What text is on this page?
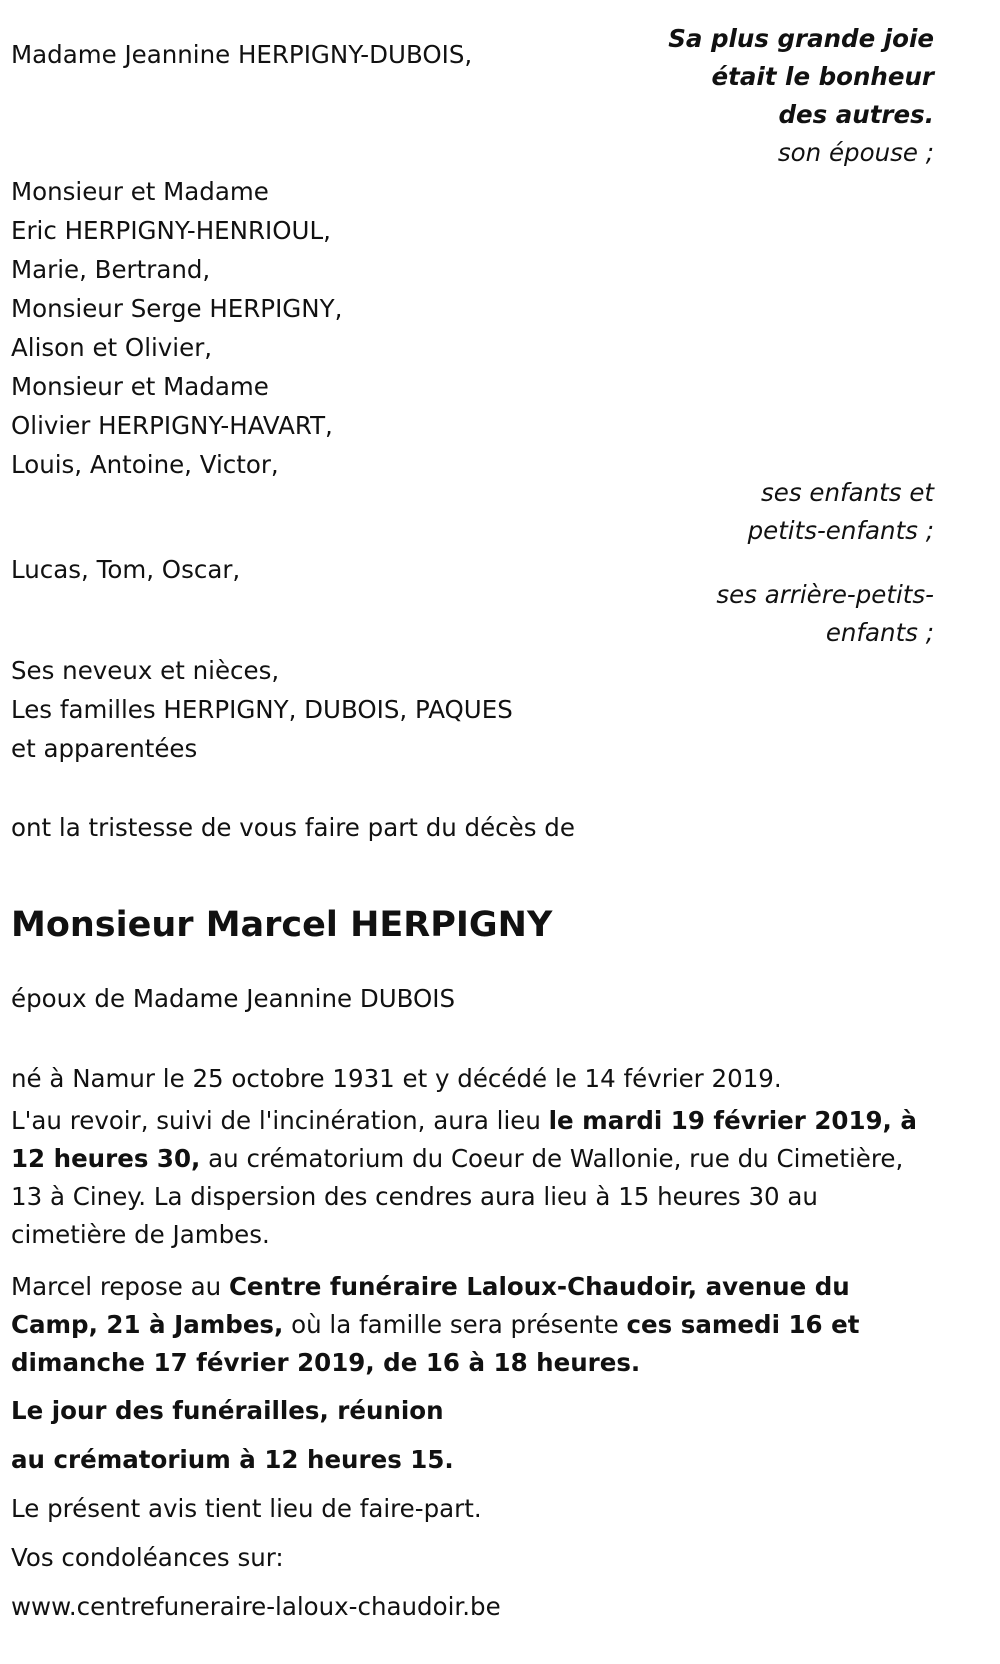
Sa plus grande joie
était le bonheur
des autres.
son épouse ;
Madame Jeannine HERPIGNY-DUBOIS,
Monsieur et Madame
Eric HERPIGNY-HENRIOUL,
Marie, Bertrand,
Monsieur Serge HERPIGNY,
Alison et Olivier,
Monsieur et Madame
Olivier HERPIGNY-HAVART,
Louis, Antoine, Victor,
ses enfants et
petits-enfants ;
Lucas, Tom, Oscar,
ses arrière-petits-
enfants ;
Ses neveux et nièces,
Les familles HERPIGNY, DUBOIS, PAQUES
et apparentées
ont la tristesse de vous faire part du décès de
Monsieur Marcel HERPIGNY
époux de Madame Jeannine DUBOIS
né à Namur le 25 octobre 1931 et y décédé le 14 février 2019.

L'au revoir, suivi de l'incinération, aura lieu le mardi 19 février 2019, à 12 heures 30, au crématorium du Coeur de Wallonie, rue du Cimetière, 13 à Ciney. La dispersion des cendres aura lieu à 15 heures 30 au cimetière de Jambes.

Marcel repose au Centre funéraire Laloux-Chaudoir, avenue du Camp, 21 à Jambes, où la famille sera présente ces samedi 16 et dimanche 17 février 2019, de 16 à 18 heures.

Le jour des funérailles, réunion
au crématorium à 12 heures 15.
Le présent avis tient lieu de faire-part.
Vos condoléances sur:
www.centrefuneraire-laloux-chaudoir.be
